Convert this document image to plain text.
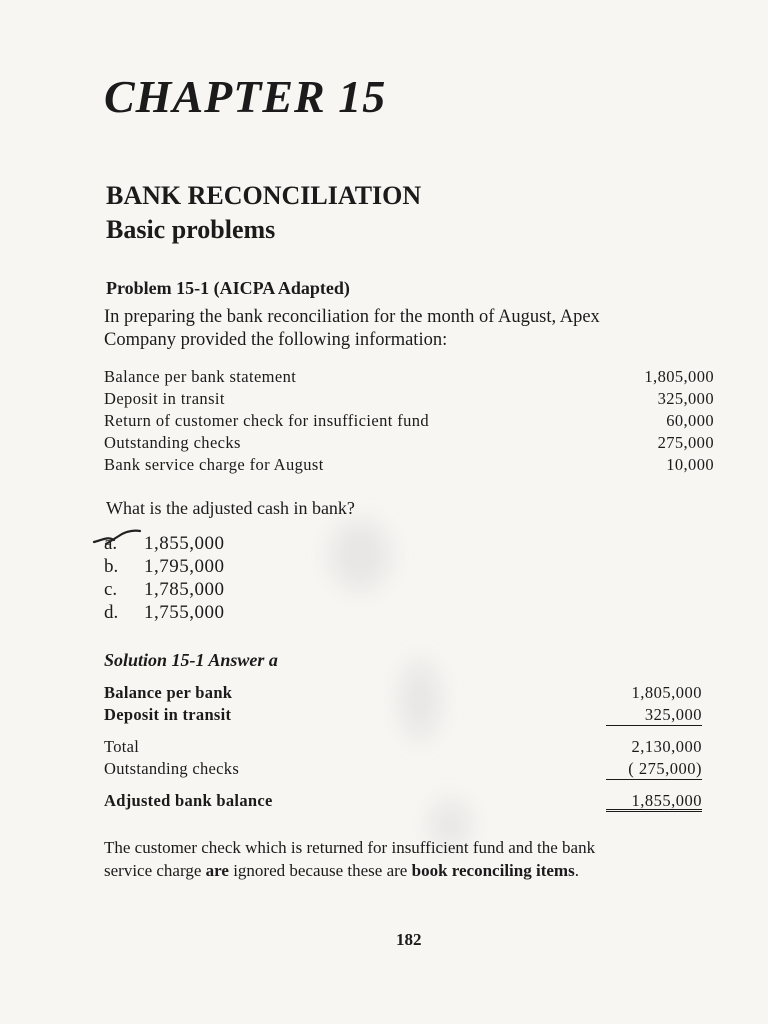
CHAPTER 15
BANK RECONCILIATION
Basic problems
Problem 15-1 (AICPA Adapted)
In preparing the bank reconciliation for the month of August, Apex
Company provided the following information:
Balance per bank statement	1,805,000
Deposit in transit	325,000
Return of customer check for insufficient fund	60,000
Outstanding checks	275,000
Bank service charge for August	10,000
What is the adjusted cash in bank?
a.	1,855,000
b.	1,795,000
c.	1,785,000
d.	1,755,000
Solution 15-1 Answer a
Balance per bank	1,805,000
Deposit in transit	325,000
Total	2,130,000
Outstanding checks	( 275,000)
Adjusted bank balance	1,855,000
The customer check which is returned for insufficient fund and the bank
service charge are ignored because these are book reconciling items.
182
